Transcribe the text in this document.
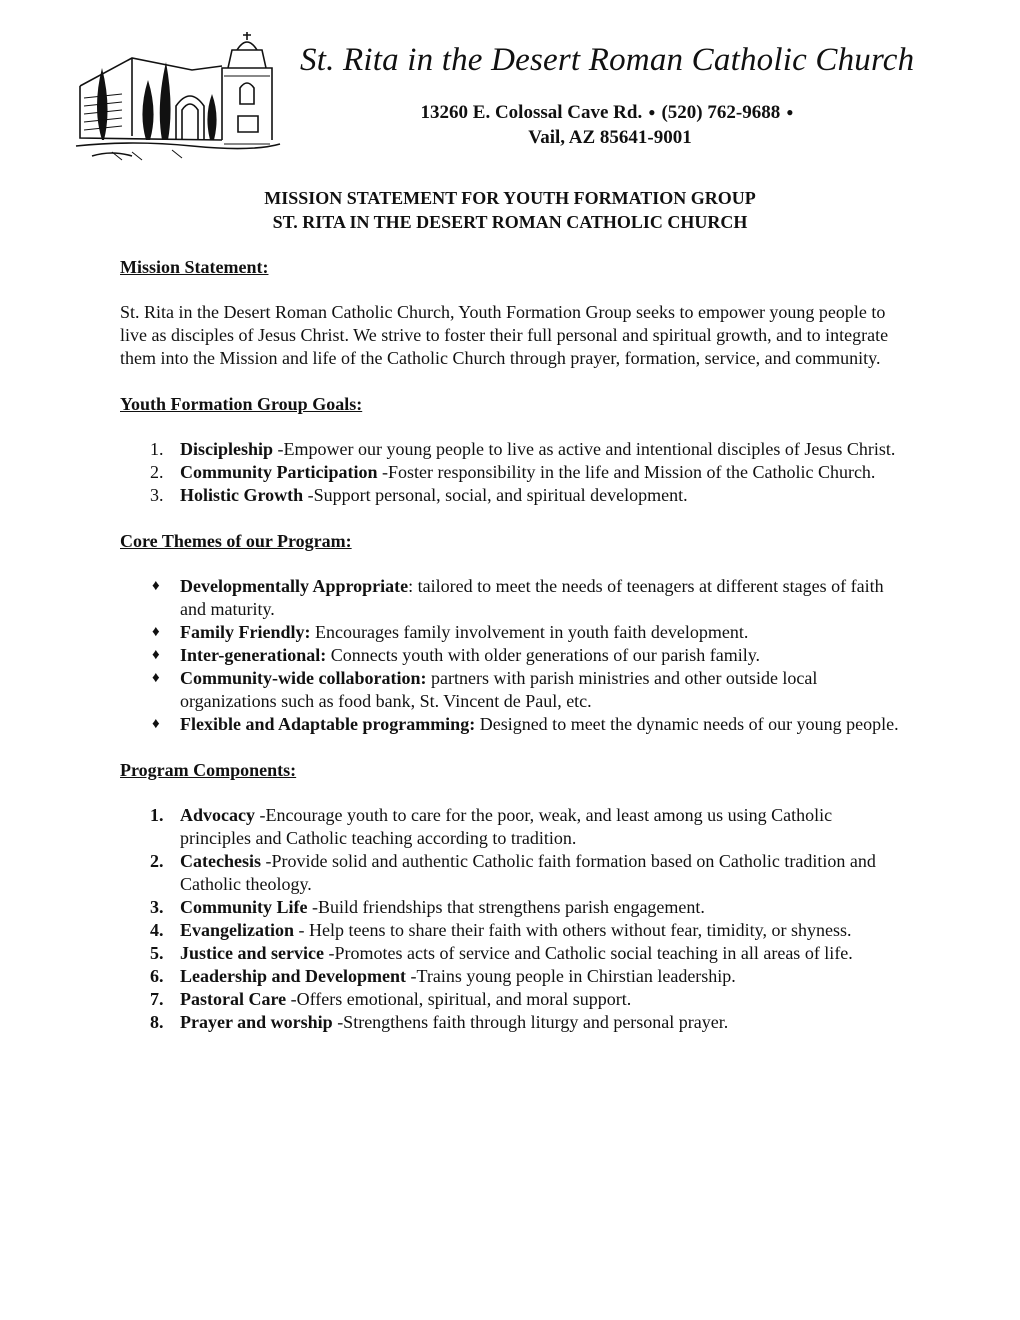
St. Rita in the Desert Roman Catholic Church
13260 E. Colossal Cave Rd. ● (520) 762-9688 ●
Vail, AZ 85641-9001
MISSION STATEMENT FOR YOUTH FORMATION GROUP
ST. RITA IN THE DESERT ROMAN CATHOLIC CHURCH

Mission Statement:

St. Rita in the Desert Roman Catholic Church, Youth Formation Group seeks to empower young people to live as disciples of Jesus Christ. We strive to foster their full personal and spiritual growth, and to integrate them into the Mission and life of the Catholic Church through prayer, formation, service, and community.

Youth Formation Group Goals:

1. Discipleship -Empower our young people to live as active and intentional disciples of Jesus Christ.
2. Community Participation -Foster responsibility in the life and Mission of the Catholic Church.
3. Holistic Growth -Support personal, social, and spiritual development.

Core Themes of our Program:

♦ Developmentally Appropriate: tailored to meet the needs of teenagers at different stages of faith and maturity.
♦ Family Friendly: Encourages family involvement in youth faith development.
♦ Inter-generational: Connects youth with older generations of our parish family.
♦ Community-wide collaboration: partners with parish ministries and other outside local organizations such as food bank, St. Vincent de Paul, etc.
♦ Flexible and Adaptable programming: Designed to meet the dynamic needs of our young people.

Program Components:

1. Advocacy -Encourage youth to care for the poor, weak, and least among us using Catholic principles and Catholic teaching according to tradition.
2. Catechesis -Provide solid and authentic Catholic faith formation based on Catholic tradition and Catholic theology.
3. Community Life -Build friendships that strengthens parish engagement.
4. Evangelization - Help teens to share their faith with others without fear, timidity, or shyness.
5. Justice and service -Promotes acts of service and Catholic social teaching in all areas of life.
6. Leadership and Development -Trains young people in Chirstian leadership.
7. Pastoral Care -Offers emotional, spiritual, and moral support.
8. Prayer and worship -Strengthens faith through liturgy and personal prayer.
